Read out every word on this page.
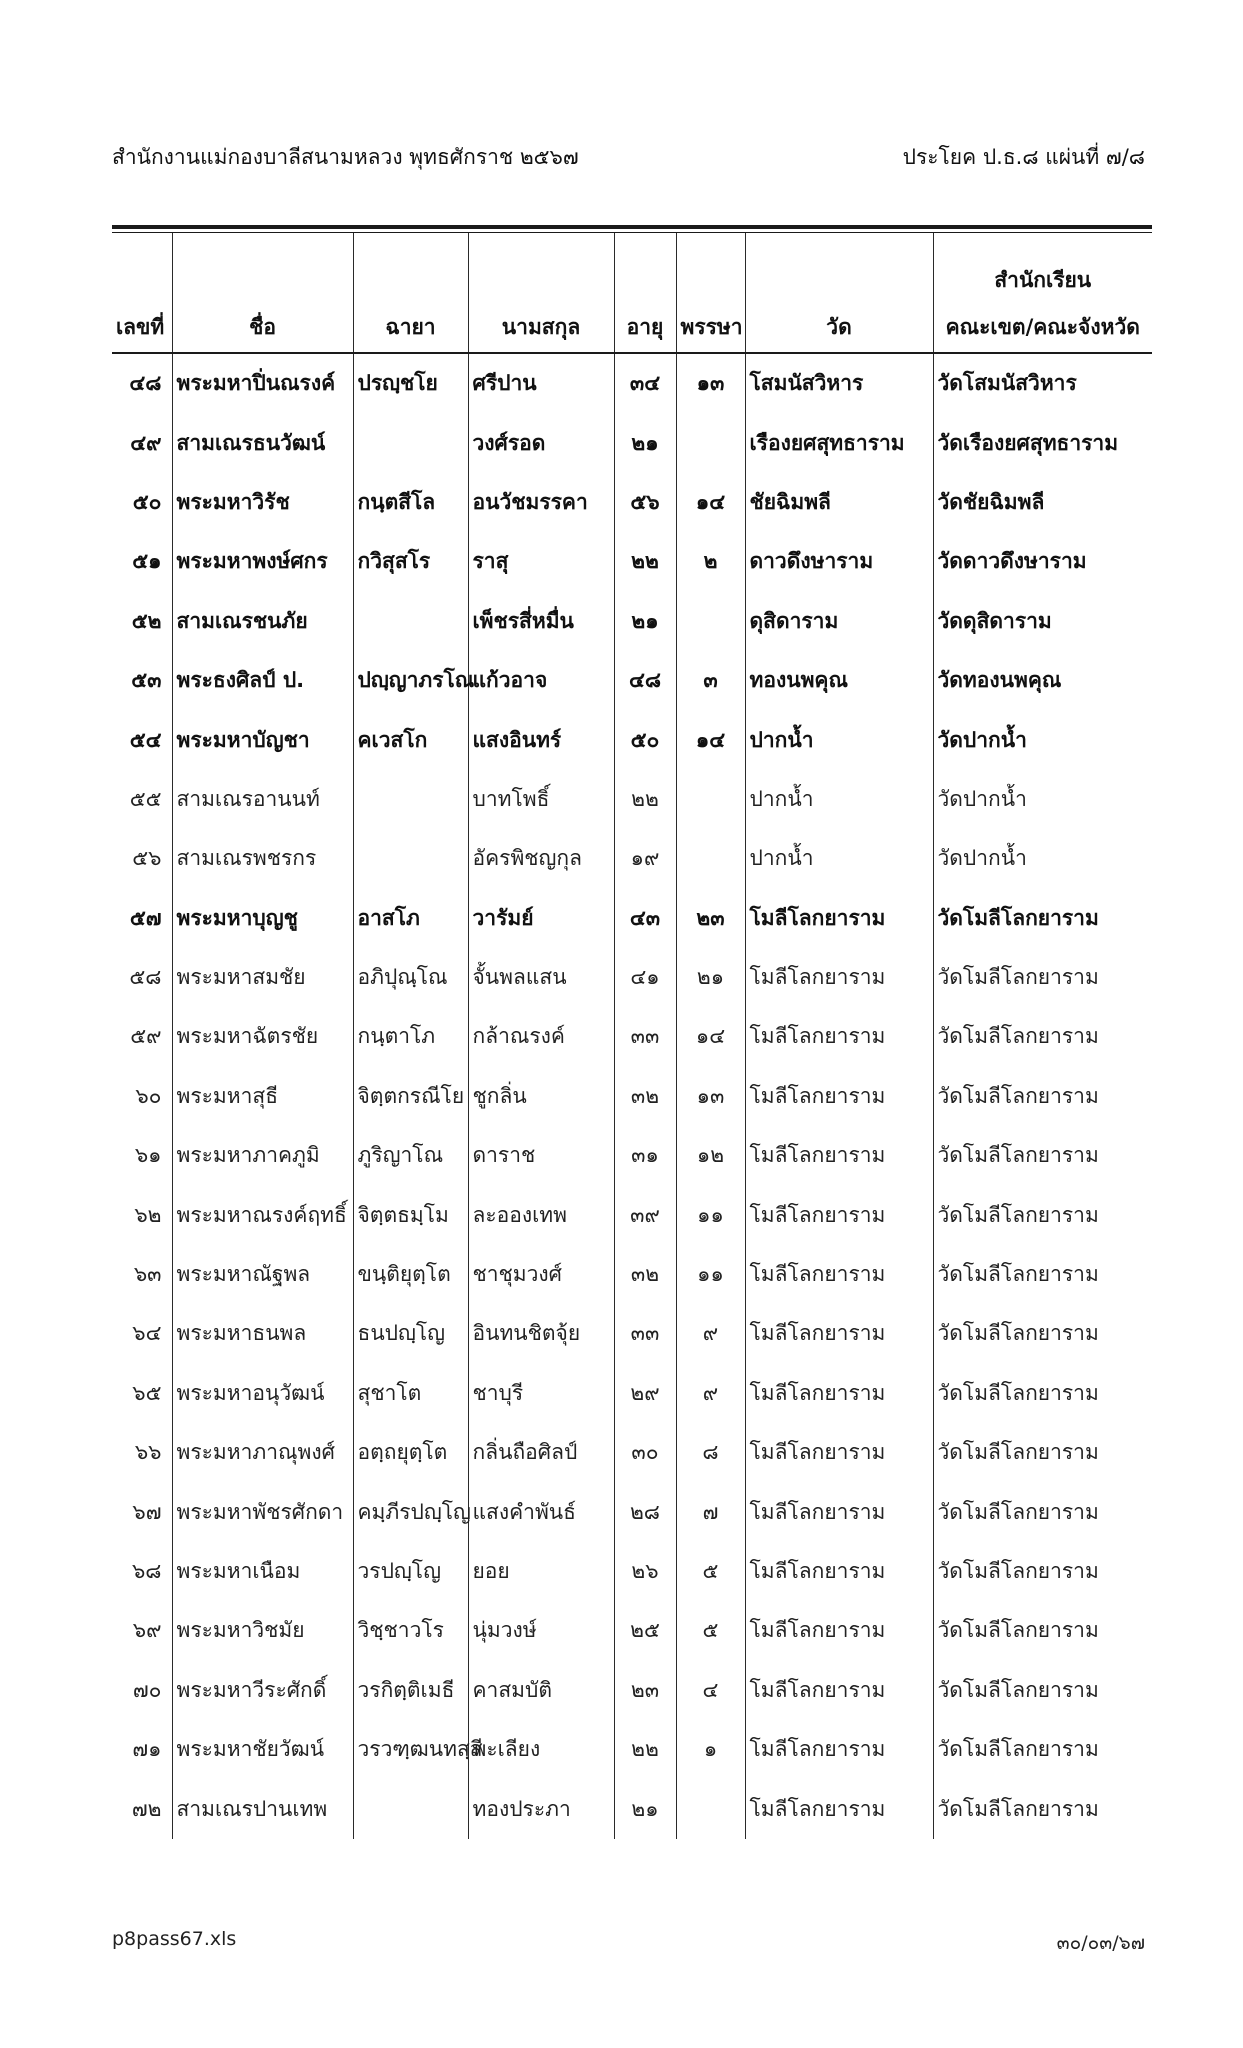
สำนักงานแม่กองบาลีสนามหลวง พุทธศักราช ๒๕๖๗	ประโยค ป.ธ.๘ แผ่นที่ ๗/๘
เลขที่	ชื่อ	ฉายา	นามสกุล	อายุ	พรรษา	วัด	สำนักเรียน
คณะเขต/คณะจังหวัด

๔๘	พระมหาปิ่นณรงค์	ปรญฺชโย	ศรีปาน	๓๔	๑๓	โสมนัสวิหาร	วัดโสมนัสวิหาร
๔๙	สามเณรธนวัฒน์		วงศ์รอด	๒๑		เรืองยศสุทธาราม	วัดเรืองยศสุทธาราม
๕๐	พระมหาวิรัช	กนฺตสีโล	อนวัชมรรคา	๕๖	๑๔	ชัยฉิมพลี	วัดชัยฉิมพลี
๕๑	พระมหาพงษ์ศกร	กวิสุสโร	ราสุ	๒๒	๒	ดาวดึงษาราม	วัดดาวดึงษาราม
๕๒	สามเณรชนภัย		เพ็ชรสี่หมื่น	๒๑		ดุสิดาราม	วัดดุสิดาราม
๕๓	พระธงศิลป์ ป.	ปญฺญาภรโณ	แก้วอาจ	๔๘	๓	ทองนพคุณ	วัดทองนพคุณ
๕๔	พระมหาบัญชา	คเวสโก	แสงอินทร์	๕๐	๑๔	ปากน้ำ	วัดปากน้ำ
๕๕	สามเณรอานนท์		บาทโพธิ์	๒๒		ปากน้ำ	วัดปากน้ำ
๕๖	สามเณรพชรกร		อัครพิชญกุล	๑๙		ปากน้ำ	วัดปากน้ำ
๕๗	พระมหาบุญชู	อาสโภ	วารัมย์	๔๓	๒๓	โมลีโลกยาราม	วัดโมลีโลกยาราม
๕๘	พระมหาสมชัย	อภิปุณฺโณ	จั้นพลแสน	๔๑	๒๑	โมลีโลกยาราม	วัดโมลีโลกยาราม
๕๙	พระมหาฉัตรชัย	กนฺตาโภ	กล้าณรงค์	๓๓	๑๔	โมลีโลกยาราม	วัดโมลีโลกยาราม
๖๐	พระมหาสุธี	จิตฺตกรณีโย	ชูกลิ่น	๓๒	๑๓	โมลีโลกยาราม	วัดโมลีโลกยาราม
๖๑	พระมหาภาคภูมิ	ภูริญาโณ	ดาราช	๓๑	๑๒	โมลีโลกยาราม	วัดโมลีโลกยาราม
๖๒	พระมหาณรงค์ฤทธิ์	จิตฺตธมฺโม	ละอองเทพ	๓๙	๑๑	โมลีโลกยาราม	วัดโมลีโลกยาราม
๖๓	พระมหาณัฐพล	ขนฺติยุตฺโต	ชาชุมวงศ์	๓๒	๑๑	โมลีโลกยาราม	วัดโมลีโลกยาราม
๖๔	พระมหาธนพล	ธนปญฺโญ	อินทนชิตจุ้ย	๓๓	๙	โมลีโลกยาราม	วัดโมลีโลกยาราม
๖๕	พระมหาอนุวัฒน์	สุชาโต	ชาบุรี	๒๙	๙	โมลีโลกยาราม	วัดโมลีโลกยาราม
๖๖	พระมหาภาณุพงศ์	อตฺถยุตฺโต	กลิ่นถือศิลป์	๓๐	๘	โมลีโลกยาราม	วัดโมลีโลกยาราม
๖๗	พระมหาพัชรศักดา	คมฺภีรปญฺโญ	แสงคำพันธ์	๒๘	๗	โมลีโลกยาราม	วัดโมลีโลกยาราม
๖๘	พระมหาเนือม	วรปญฺโญ	ยอย	๒๖	๕	โมลีโลกยาราม	วัดโมลีโลกยาราม
๖๙	พระมหาวิชมัย	วิชฺชาวโร	นุ่มวงษ์	๒๕	๕	โมลีโลกยาราม	วัดโมลีโลกยาราม
๗๐	พระมหาวีระศักดิ์	วรกิตฺติเมธี	คาสมบัติ	๒๓	๔	โมลีโลกยาราม	วัดโมลีโลกยาราม
๗๑	พระมหาชัยวัฒน์	วรวฑฺฒนทสฺสี	พะเลียง	๒๒	๑	โมลีโลกยาราม	วัดโมลีโลกยาราม
๗๒	สามเณรปานเทพ		ทองประภา	๒๑		โมลีโลกยาราม	วัดโมลีโลกยาราม
p8pass67.xls	๓๐/๐๓/๖๗
